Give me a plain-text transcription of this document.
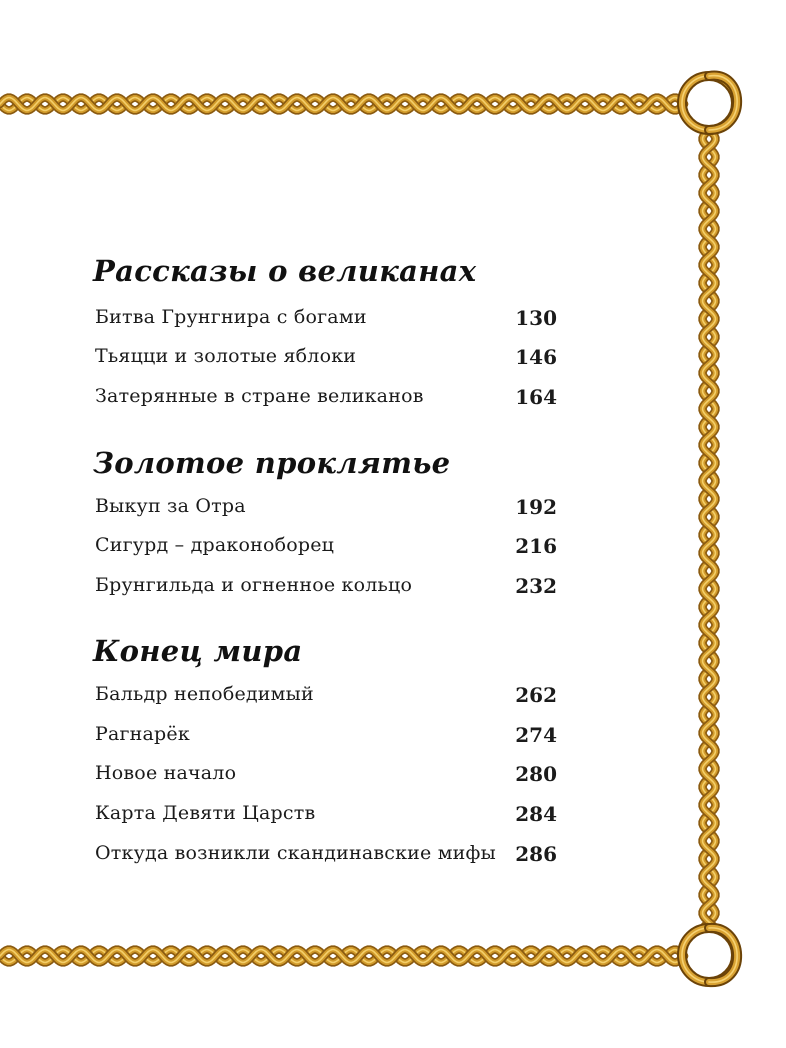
Рассказы о великанах
Битва Грунгнира с богами	130
Тьяцци и золотые яблоки	146
Затерянные в стране великанов	164
Золотое проклятье
Выкуп за Отра	192
Сигурд – драконоборец	216
Брунгильда и огненное кольцо	232
Конец мира
Бальдр непобедимый	262
Рагнарёк	274
Новое начало	280
Карта Девяти Царств	284
Откуда возникли скандинавские мифы 286
